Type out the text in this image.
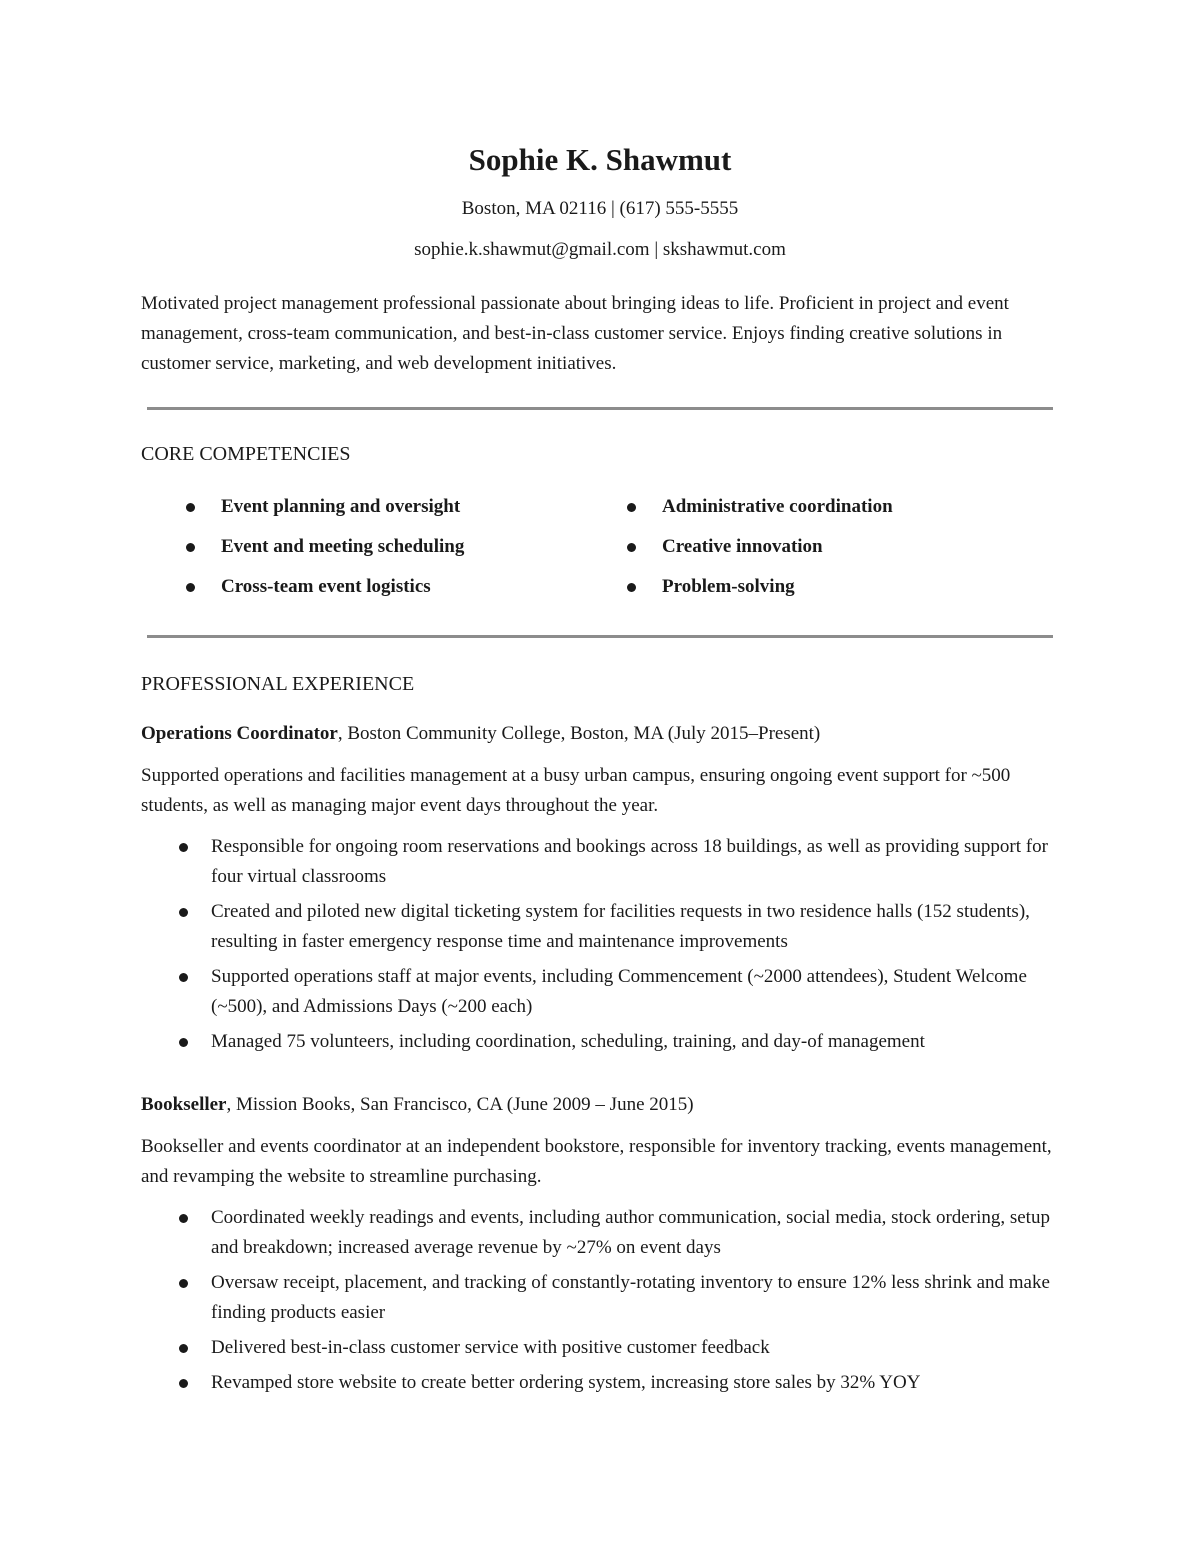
Sophie K. Shawmut
Boston, MA 02116 | (617) 555-5555
sophie.k.shawmut@gmail.com | skshawmut.com
Motivated project management professional passionate about bringing ideas to life. Proficient in project and event management, cross-team communication, and best-in-class customer service. Enjoys finding creative solutions in customer service, marketing, and web development initiatives.
CORE COMPETENCIES
Event planning and oversight
Event and meeting scheduling
Cross-team event logistics
Administrative coordination
Creative innovation
Problem-solving
PROFESSIONAL EXPERIENCE
Operations Coordinator, Boston Community College, Boston, MA (July 2015–Present)
Supported operations and facilities management at a busy urban campus, ensuring ongoing event support for ~500 students, as well as managing major event days throughout the year.
Responsible for ongoing room reservations and bookings across 18 buildings, as well as providing support for four virtual classrooms
Created and piloted new digital ticketing system for facilities requests in two residence halls (152 students), resulting in faster emergency response time and maintenance improvements
Supported operations staff at major events, including Commencement (~2000 attendees), Student Welcome (~500), and Admissions Days (~200 each)
Managed 75 volunteers, including coordination, scheduling, training, and day-of management
Bookseller, Mission Books, San Francisco, CA (June 2009 – June 2015)
Bookseller and events coordinator at an independent bookstore, responsible for inventory tracking, events management, and revamping the website to streamline purchasing.
Coordinated weekly readings and events, including author communication, social media, stock ordering, setup and breakdown; increased average revenue by ~27% on event days
Oversaw receipt, placement, and tracking of constantly-rotating inventory to ensure 12% less shrink and make finding products easier
Delivered best-in-class customer service with positive customer feedback
Revamped store website to create better ordering system, increasing store sales by 32% YOY
